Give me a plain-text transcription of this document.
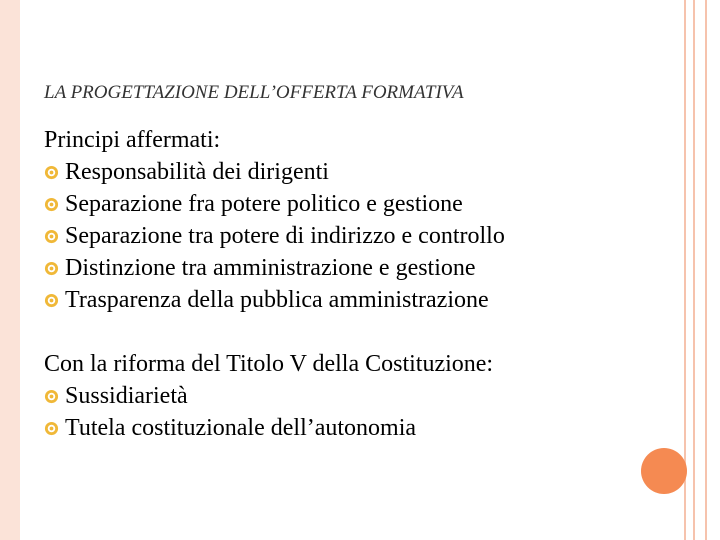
LA PROGETTAZIONE DELL’OFFERTA FORMATIVA
Principi affermati:
Responsabilità dei dirigenti
Separazione fra potere politico e gestione
Separazione tra potere di indirizzo e controllo
Distinzione tra amministrazione e gestione
Trasparenza della pubblica amministrazione
Con la riforma del Titolo V della Costituzione:
Sussidiarietà
Tutela costituzionale dell’autonomia
